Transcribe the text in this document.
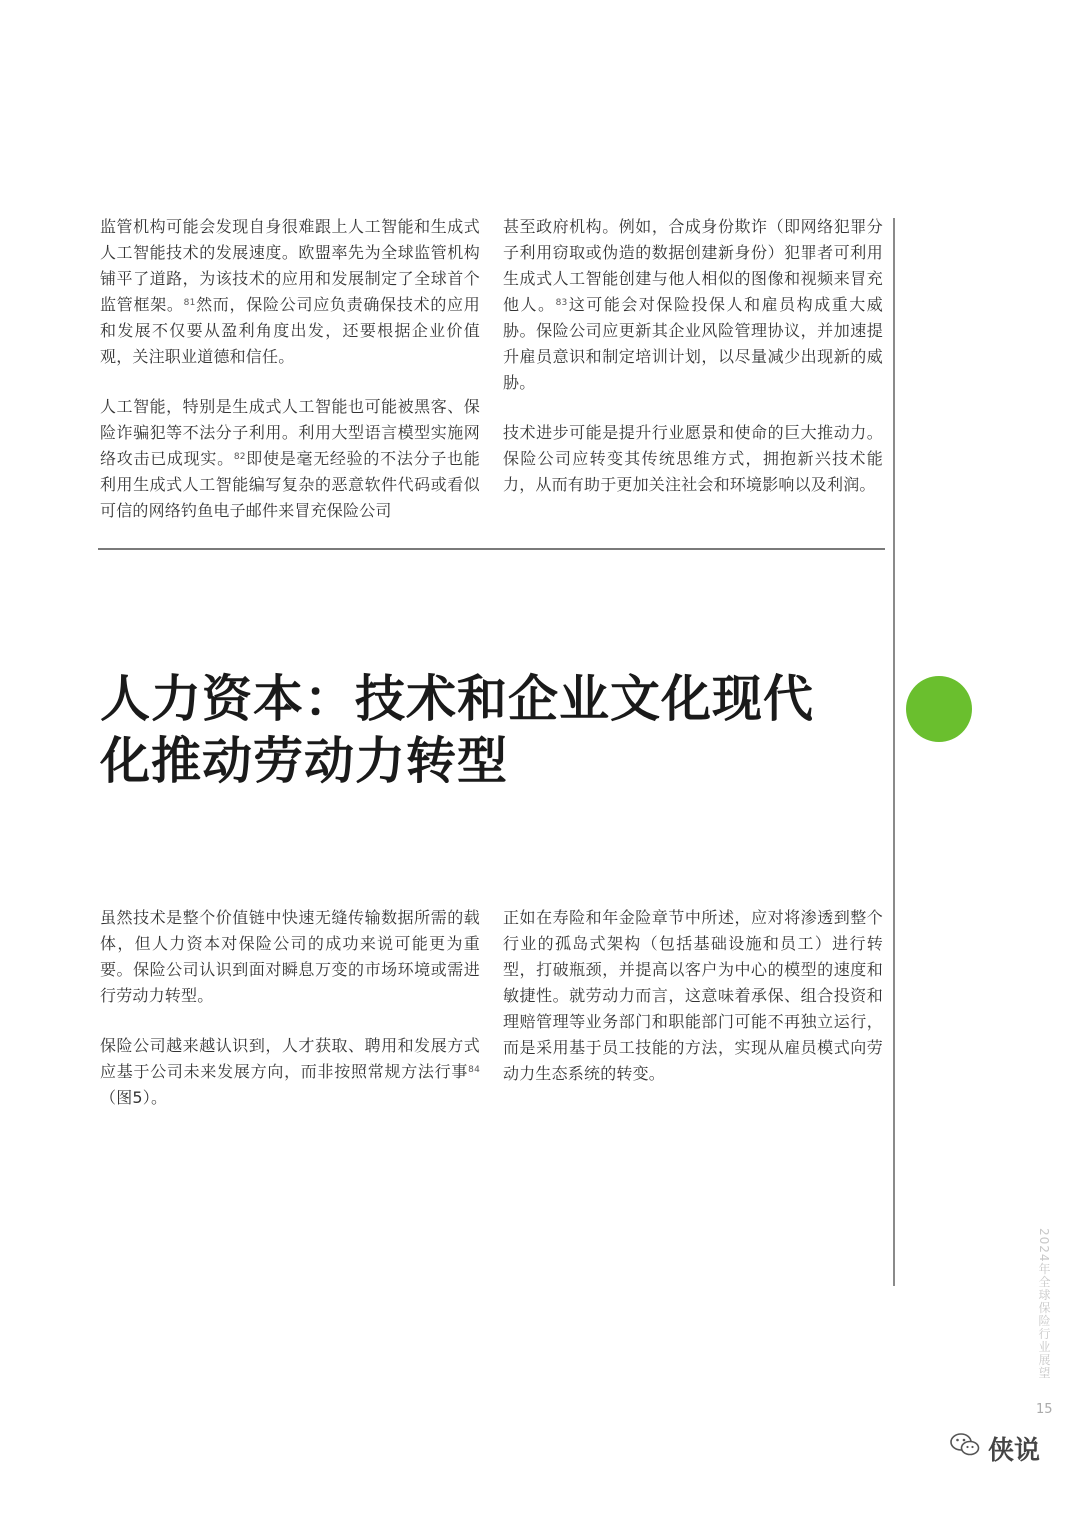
监管机构可能会发现自身很难跟上人工智能和生成式人工智能技术的发展速度。欧盟率先为全球监管机构铺平了道路，为该技术的应用和发展制定了全球首个监管框架。$^{81}$然而，保险公司应负责确保技术的应用和发展不仅要从盈利角度出发，还要根据企业价值观，关注职业道德和信任。

人工智能，特别是生成式人工智能也可能被黑客、保险诈骗犯等不法分子利用。利用大型语言模型实施网络攻击已成现实。$^{82}$即使是毫无经验的不法分子也能利用生成式人工智能编写复杂的恶意软件代码或看似可信的网络钓鱼电子邮件来冒充保险公司

甚至政府机构。例如，合成身份欺诈（即网络犯罪分子利用窃取或伪造的数据创建新身份）犯罪者可利用生成式人工智能创建与他人相似的图像和视频来冒充他人。$^{83}$这可能会对保险投保人和雇员构成重大威胁。保险公司应更新其企业风险管理协议，并加速提升雇员意识和制定培训计划，以尽量减少出现新的威胁。

技术进步可能是提升行业愿景和使命的巨大推动力。保险公司应转变其传统思维方式，拥抱新兴技术能力，从而有助于更加关注社会和环境影响以及利润。

人力资本：技术和企业文化现代化推动劳动力转型

虽然技术是整个价值链中快速无缝传输数据所需的载体，但人力资本对保险公司的成功来说可能更为重要。保险公司认识到面对瞬息万变的市场环境或需进行劳动力转型。

保险公司越来越认识到，人才获取、聘用和发展方式应基于公司未来发展方向，而非按照常规方法行事$^{84}$（图5）。

正如在寿险和年金险章节中所述，应对将渗透到整个行业的孤岛式架构（包括基础设施和员工）进行转型，打破瓶颈，并提高以客户为中心的模型的速度和敏捷性。就劳动力而言，这意味着承保、组合投资和理赔管理等业务部门和职能部门可能不再独立运行，而是采用基于员工技能的方法，实现从雇员模式向劳动力生态系统的转变。

2024年全球保险行业展望
15
侠说
